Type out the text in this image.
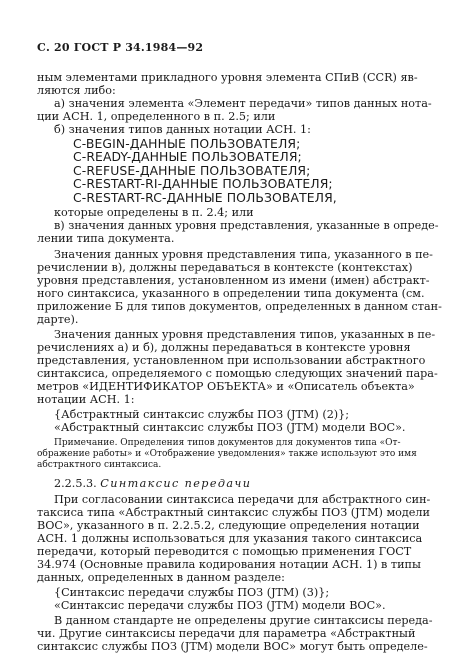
С. 20 ГОСТ Р 34.1984—92
ным элементами прикладного уровня элемента СПиВ (CCR) яв-
ляются либо:
а) значения элемента «Элемент передачи» типов данных нота-
ции АСН. 1, определенного в п. 2.5; или
б) значения типов данных нотации АСН. 1:
C-BEGIN-ДАННЫЕ ПОЛЬЗОВАТЕЛЯ;
C-READY-ДАННЫЕ ПОЛЬЗОВАТЕЛЯ;
C-REFUSE-ДАННЫЕ ПОЛЬЗОВАТЕЛЯ;
C-RESTART-RI-ДАННЫЕ ПОЛЬЗОВАТЕЛЯ;
C-RESTART-RC-ДАННЫЕ ПОЛЬЗОВАТЕЛЯ,
которые определены в п. 2.4; или
в) значения данных уровня представления, указанные в опреде-
лении типа документа.
Значения данных уровня представления типа, указанного в пе-
речислении в), должны передаваться в контексте (контекстах)
уровня представления, установленном из имени (имен) абстракт-
ного синтаксиса, указанного в определении типа документа (см.
приложение Б для типов документов, определенных в данном стан-
дарте).
Значения данных уровня представления типов, указанных в пе-
речислениях а) и б), должны передаваться в контексте уровня
представления, установленном при использовании абстрактного
синтаксиса, определяемого с помощью следующих значений пара-
метров «ИДЕНТИФИКАТОР ОБЪЕКТА» и «Описатель объекта»
нотации АСН. 1:
{Абстрактный синтаксис службы ПОЗ (JTM) (2)};
«Абстрактный синтаксис службы ПОЗ (JTM) модели ВОС».
Примечание. Определения типов документов для документов типа «От-
ображение работы» и «Отображение уведомления» также используют это имя
абстрактного синтаксиса.
2.2.5.3. Синтаксис передачи
При согласовании синтаксиса передачи для абстрактного син-
таксиса типа «Абстрактный синтаксис службы ПОЗ (JTM) модели
ВОС», указанного в п. 2.2.5.2, следующие определения нотации
АСН. 1 должны использоваться для указания такого синтаксиса
передачи, который переводится с помощью применения ГОСТ
34.974 (Основные правила кодирования нотации АСН. 1) в типы
данных, определенных в данном разделе:
{Синтаксис передачи службы ПОЗ (JTM) (3)};
«Синтаксис передачи службы ПОЗ (JTM) модели ВОС».
В данном стандарте не определены другие синтаксисы переда-
чи. Другие синтаксисы передачи для параметра «Абстрактный
синтаксис службы ПОЗ (JTM) модели ВОС» могут быть определе-
